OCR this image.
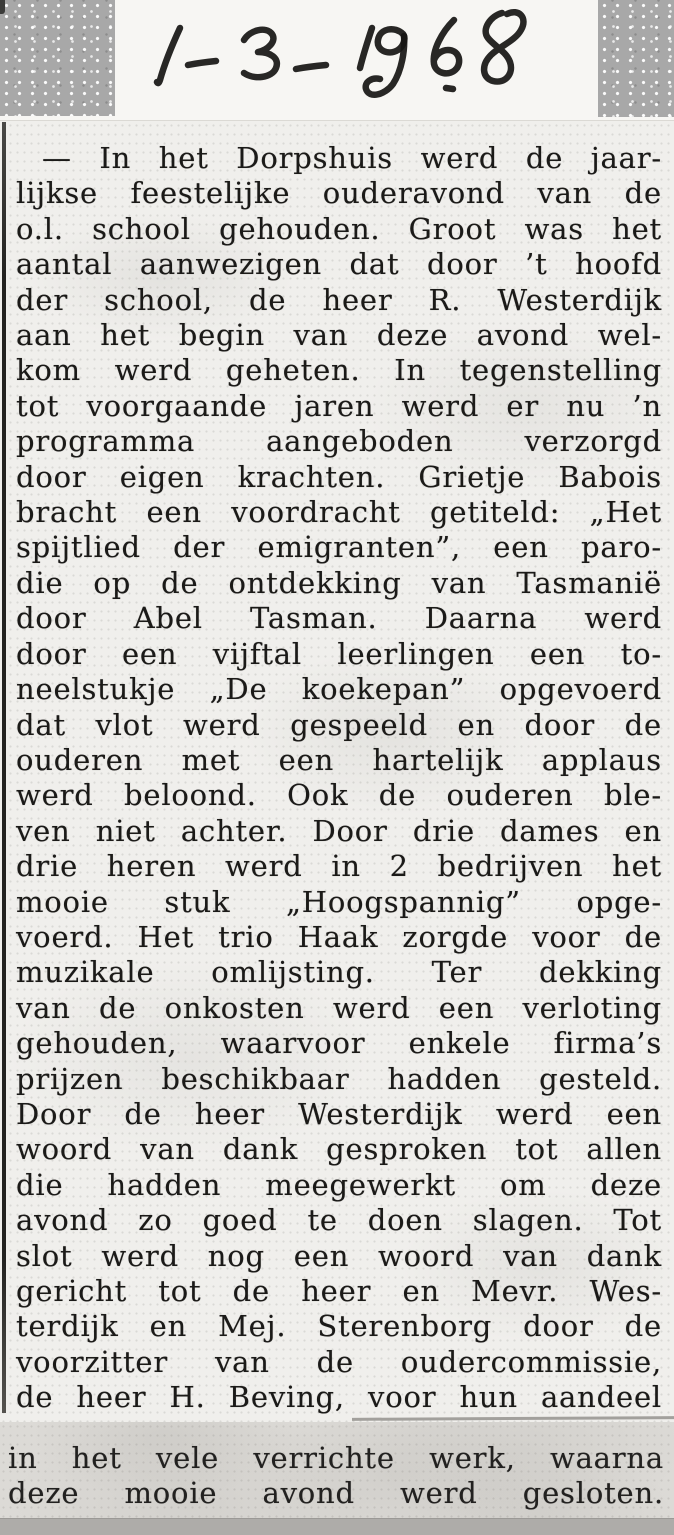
— In het Dorpshuis werd de jaar-
lijkse feestelijke ouderavond van de
o.l. school gehouden. Groot was het
aantal aanwezigen dat door ’t hoofd
der school, de heer R. Westerdijk
aan het begin van deze avond wel-
kom werd geheten. In tegenstelling
tot voorgaande jaren werd er nu ’n
programma aangeboden verzorgd
door eigen krachten. Grietje Babois
bracht een voordracht getiteld: „Het
spijtlied der emigranten”, een paro-
die op de ontdekking van Tasmanië
door Abel Tasman. Daarna werd
door een vijftal leerlingen een to-
neelstukje „De koekepan” opgevoerd
dat vlot werd gespeeld en door de
ouderen met een hartelijk applaus
werd beloond. Ook de ouderen ble-
ven niet achter. Door drie dames en
drie heren werd in 2 bedrijven het
mooie stuk „Hoogspannig” opge-
voerd. Het trio Haak zorgde voor de
muzikale omlijsting. Ter dekking
van de onkosten werd een verloting
gehouden, waarvoor enkele firma’s
prijzen beschikbaar hadden gesteld.
Door de heer Westerdijk werd een
woord van dank gesproken tot allen
die hadden meegewerkt om deze
avond zo goed te doen slagen. Tot
slot werd nog een woord van dank
gericht tot de heer en Mevr. Wes-
terdijk en Mej. Sterenborg door de
voorzitter van de oudercommissie,
de heer H. Beving, voor hun aandeel
in het vele verrichte werk, waarna
deze mooie avond werd gesloten.
